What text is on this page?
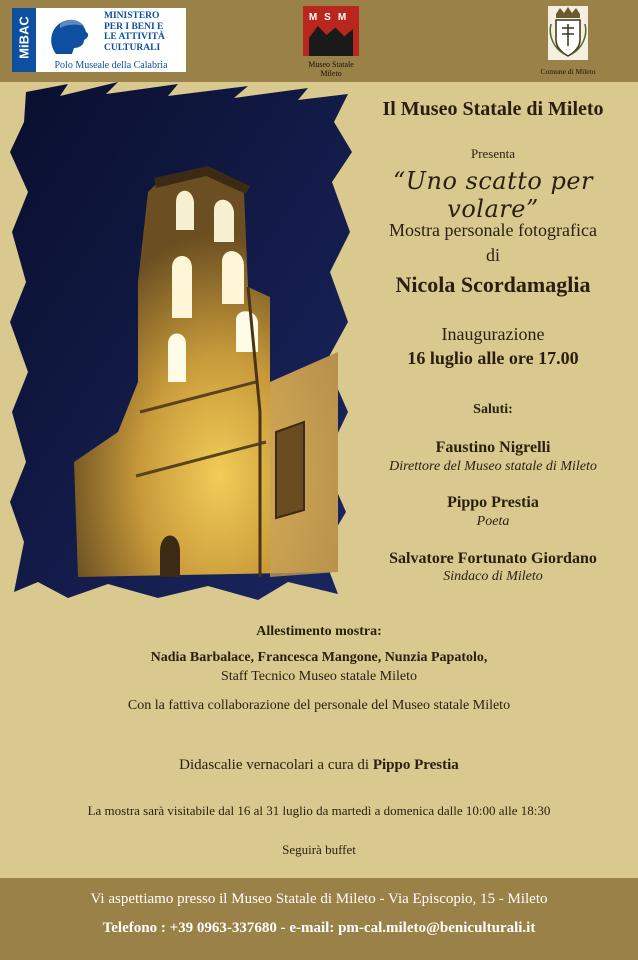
MiBAC
MINISTERO
PER I BENI E
LE ATTIVITÀ
CULTURALI
Polo Museale della Calabria
MSM
Museo Statale Mileto	Comune di Mileto
Il Museo Statale di Mileto
Presenta
“Uno scatto per volare”
Mostra personale fotografica
di
Nicola Scordamaglia
Inaugurazione
16 luglio alle ore 17.00
Saluti:
Faustino Nigrelli
Direttore del Museo statale di Mileto
Pippo Prestia
Poeta
Salvatore Fortunato Giordano
Sindaco di Mileto
Allestimento mostra:
Nadia Barbalace, Francesca Mangone, Nunzia Papatolo,
Staff Tecnico Museo statale Mileto
Con la fattiva collaborazione del personale del Museo statale Mileto
Didascalie vernacolari a cura di Pippo Prestia
La mostra sarà visitabile dal 16 al 31 luglio da martedì a domenica dalle 10:00 alle 18:30
Seguirà buffet
Vi aspettiamo presso il Museo Statale di Mileto - Via Episcopio, 15 - Mileto
Telefono : +39 0963-337680 - e-mail: pm-cal.mileto@beniculturali.it
